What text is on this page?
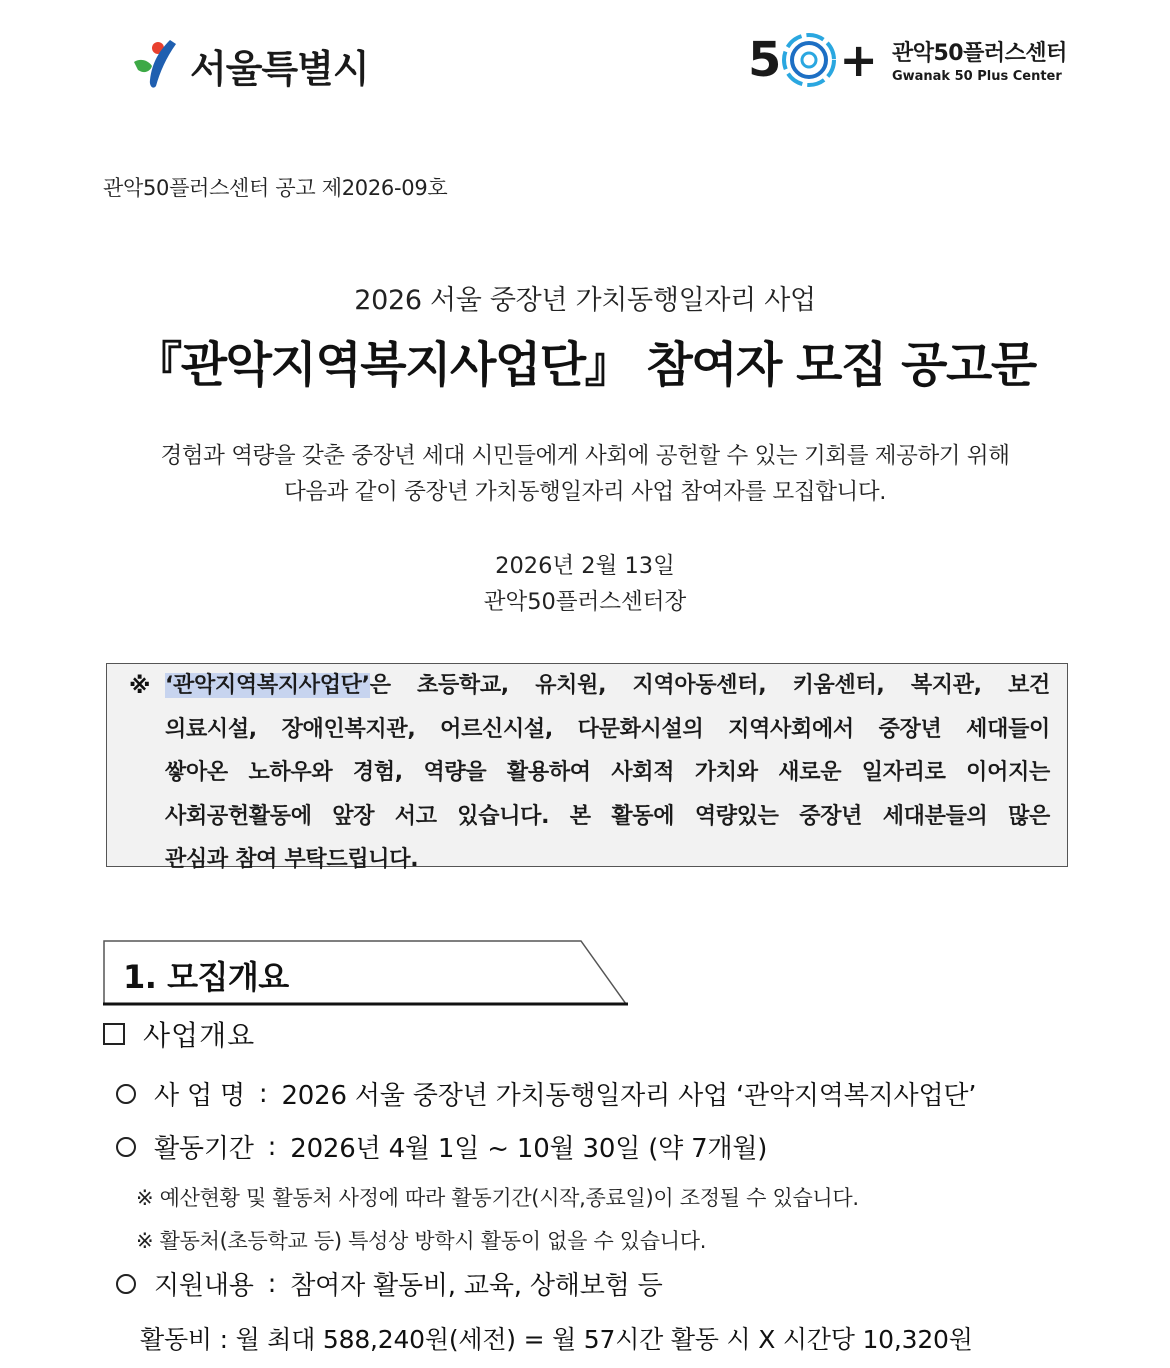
서울특별시	5 + 관악50플러스센터
Gwanak 50 Plus Center
관악50플러스센터 공고 제2026-09호
2026 서울 중장년 가치동행일자리 사업
『관악지역복지사업단』 참여자 모집 공고문
경험과 역량을 갖춘 중장년 세대 시민들에게 사회에 공헌할 수 있는 기회를 제공하기 위해
다음과 같이 중장년 가치동행일자리 사업 참여자를 모집합니다.
2026년 2월 13일
관악50플러스센터장
※ ‘관악지역복지사업단’은 초등학교, 유치원, 지역아동센터, 키움센터, 복지관, 보건
의료시설, 장애인복지관, 어르신시설, 다문화시설의 지역사회에서 중장년 세대들이
쌓아온 노하우와 경험, 역량을 활용하여 사회적 가치와 새로운 일자리로 이어지는
사회공헌활동에 앞장 서고 있습니다. 본 활동에 역량있는 중장년 세대분들의 많은
관심과 참여 부탁드립니다.
1. 모집개요
사업개요
사 업 명 : 2026 서울 중장년 가치동행일자리 사업 ‘관악지역복지사업단’
활동기간 : 2026년 4월 1일 ~ 10월 30일 (약 7개월)
※ 예산현황 및 활동처 사정에 따라 활동기간(시작,종료일)이 조정될 수 있습니다.
※ 활동처(초등학교 등) 특성상 방학시 활동이 없을 수 있습니다.
지원내용 : 참여자 활동비, 교육, 상해보험 등
활동비 : 월 최대 588,240원(세전) = 월 57시간 활동 시 X 시간당 10,320원
